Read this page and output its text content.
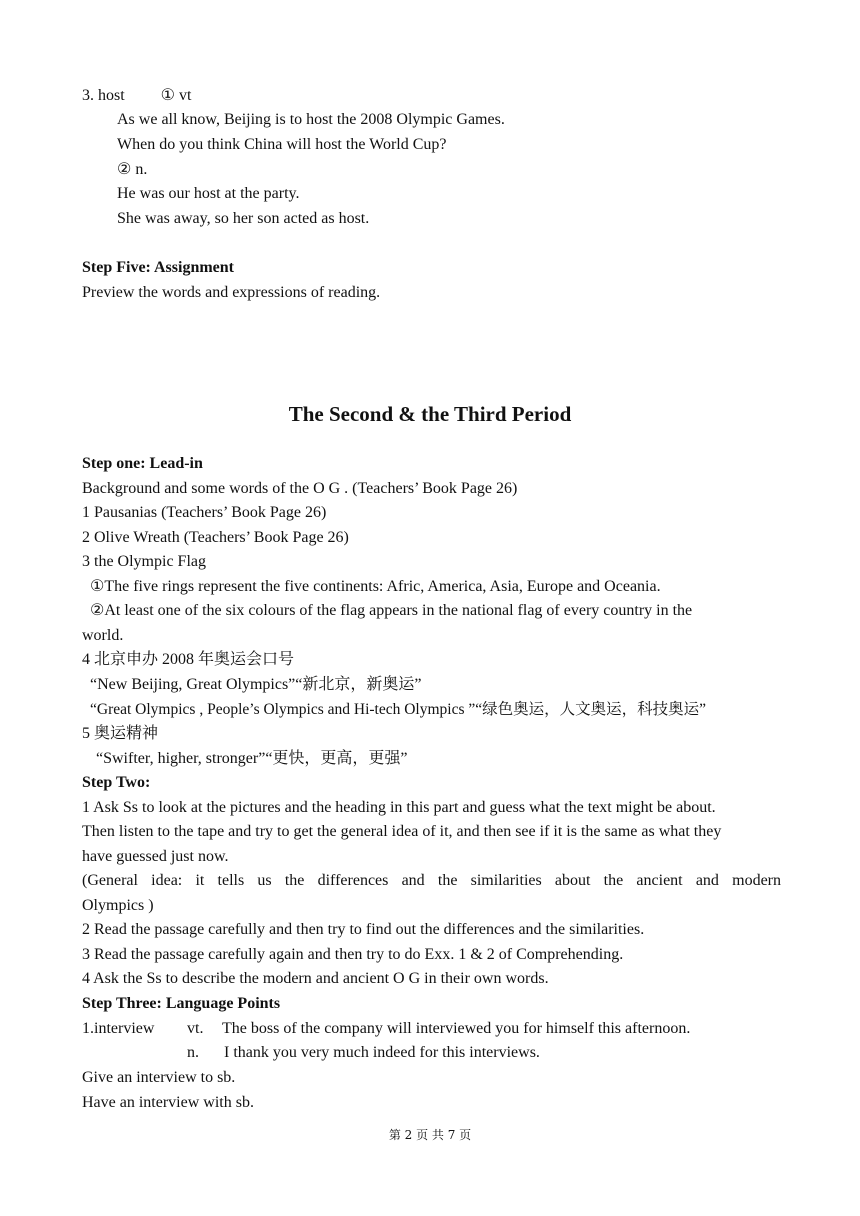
3. host ① vt
As we all know, Beijing is to host the 2008 Olympic Games.
When do you think China will host the World Cup?
② n.
He was our host at the party.
She was away, so her son acted as host.
Step Five: Assignment
Preview the words and expressions of reading.
The Second & the Third Period
Step one: Lead-in
Background and some words of the O G . (Teachers’ Book Page 26)
1 Pausanias (Teachers’ Book Page 26)
2 Olive Wreath (Teachers’ Book Page 26)
3 the Olympic Flag
①The five rings represent the five continents: Afric, America, Asia, Europe and Oceania.
②At least one of the six colours of the flag appears in the national flag of every country in the
world.
4 北京申办 2008 年奥运会口号
“New Beijing, Great Olympics”“新北京，新奥运”
“Great Olympics , People’s Olympics and Hi-tech Olympics ”“绿色奥运，人文奥运，科技奥运”
5 奥运精神
“Swifter, higher, stronger”“更快，更高，更强”
Step Two:
1 Ask Ss to look at the pictures and the heading in this part and guess what the text might be about.
Then listen to the tape and try to get the general idea of it, and then see if it is the same as what they
have guessed just now.
(General idea: it tells us the differences and the similarities about the ancient and modern
Olympics )
2 Read the passage carefully and then try to find out the differences and the similarities.
3 Read the passage carefully again and then try to do Exx. 1 & 2 of Comprehending.
4 Ask the Ss to describe the modern and ancient O G in their own words.
Step Three: Language Points
1.interview vt. The boss of the company will interviewed you for himself this afternoon.
n. I thank you very much indeed for this interviews.
Give an interview to sb.
Have an interview with sb.
第 2 页 共 7 页
